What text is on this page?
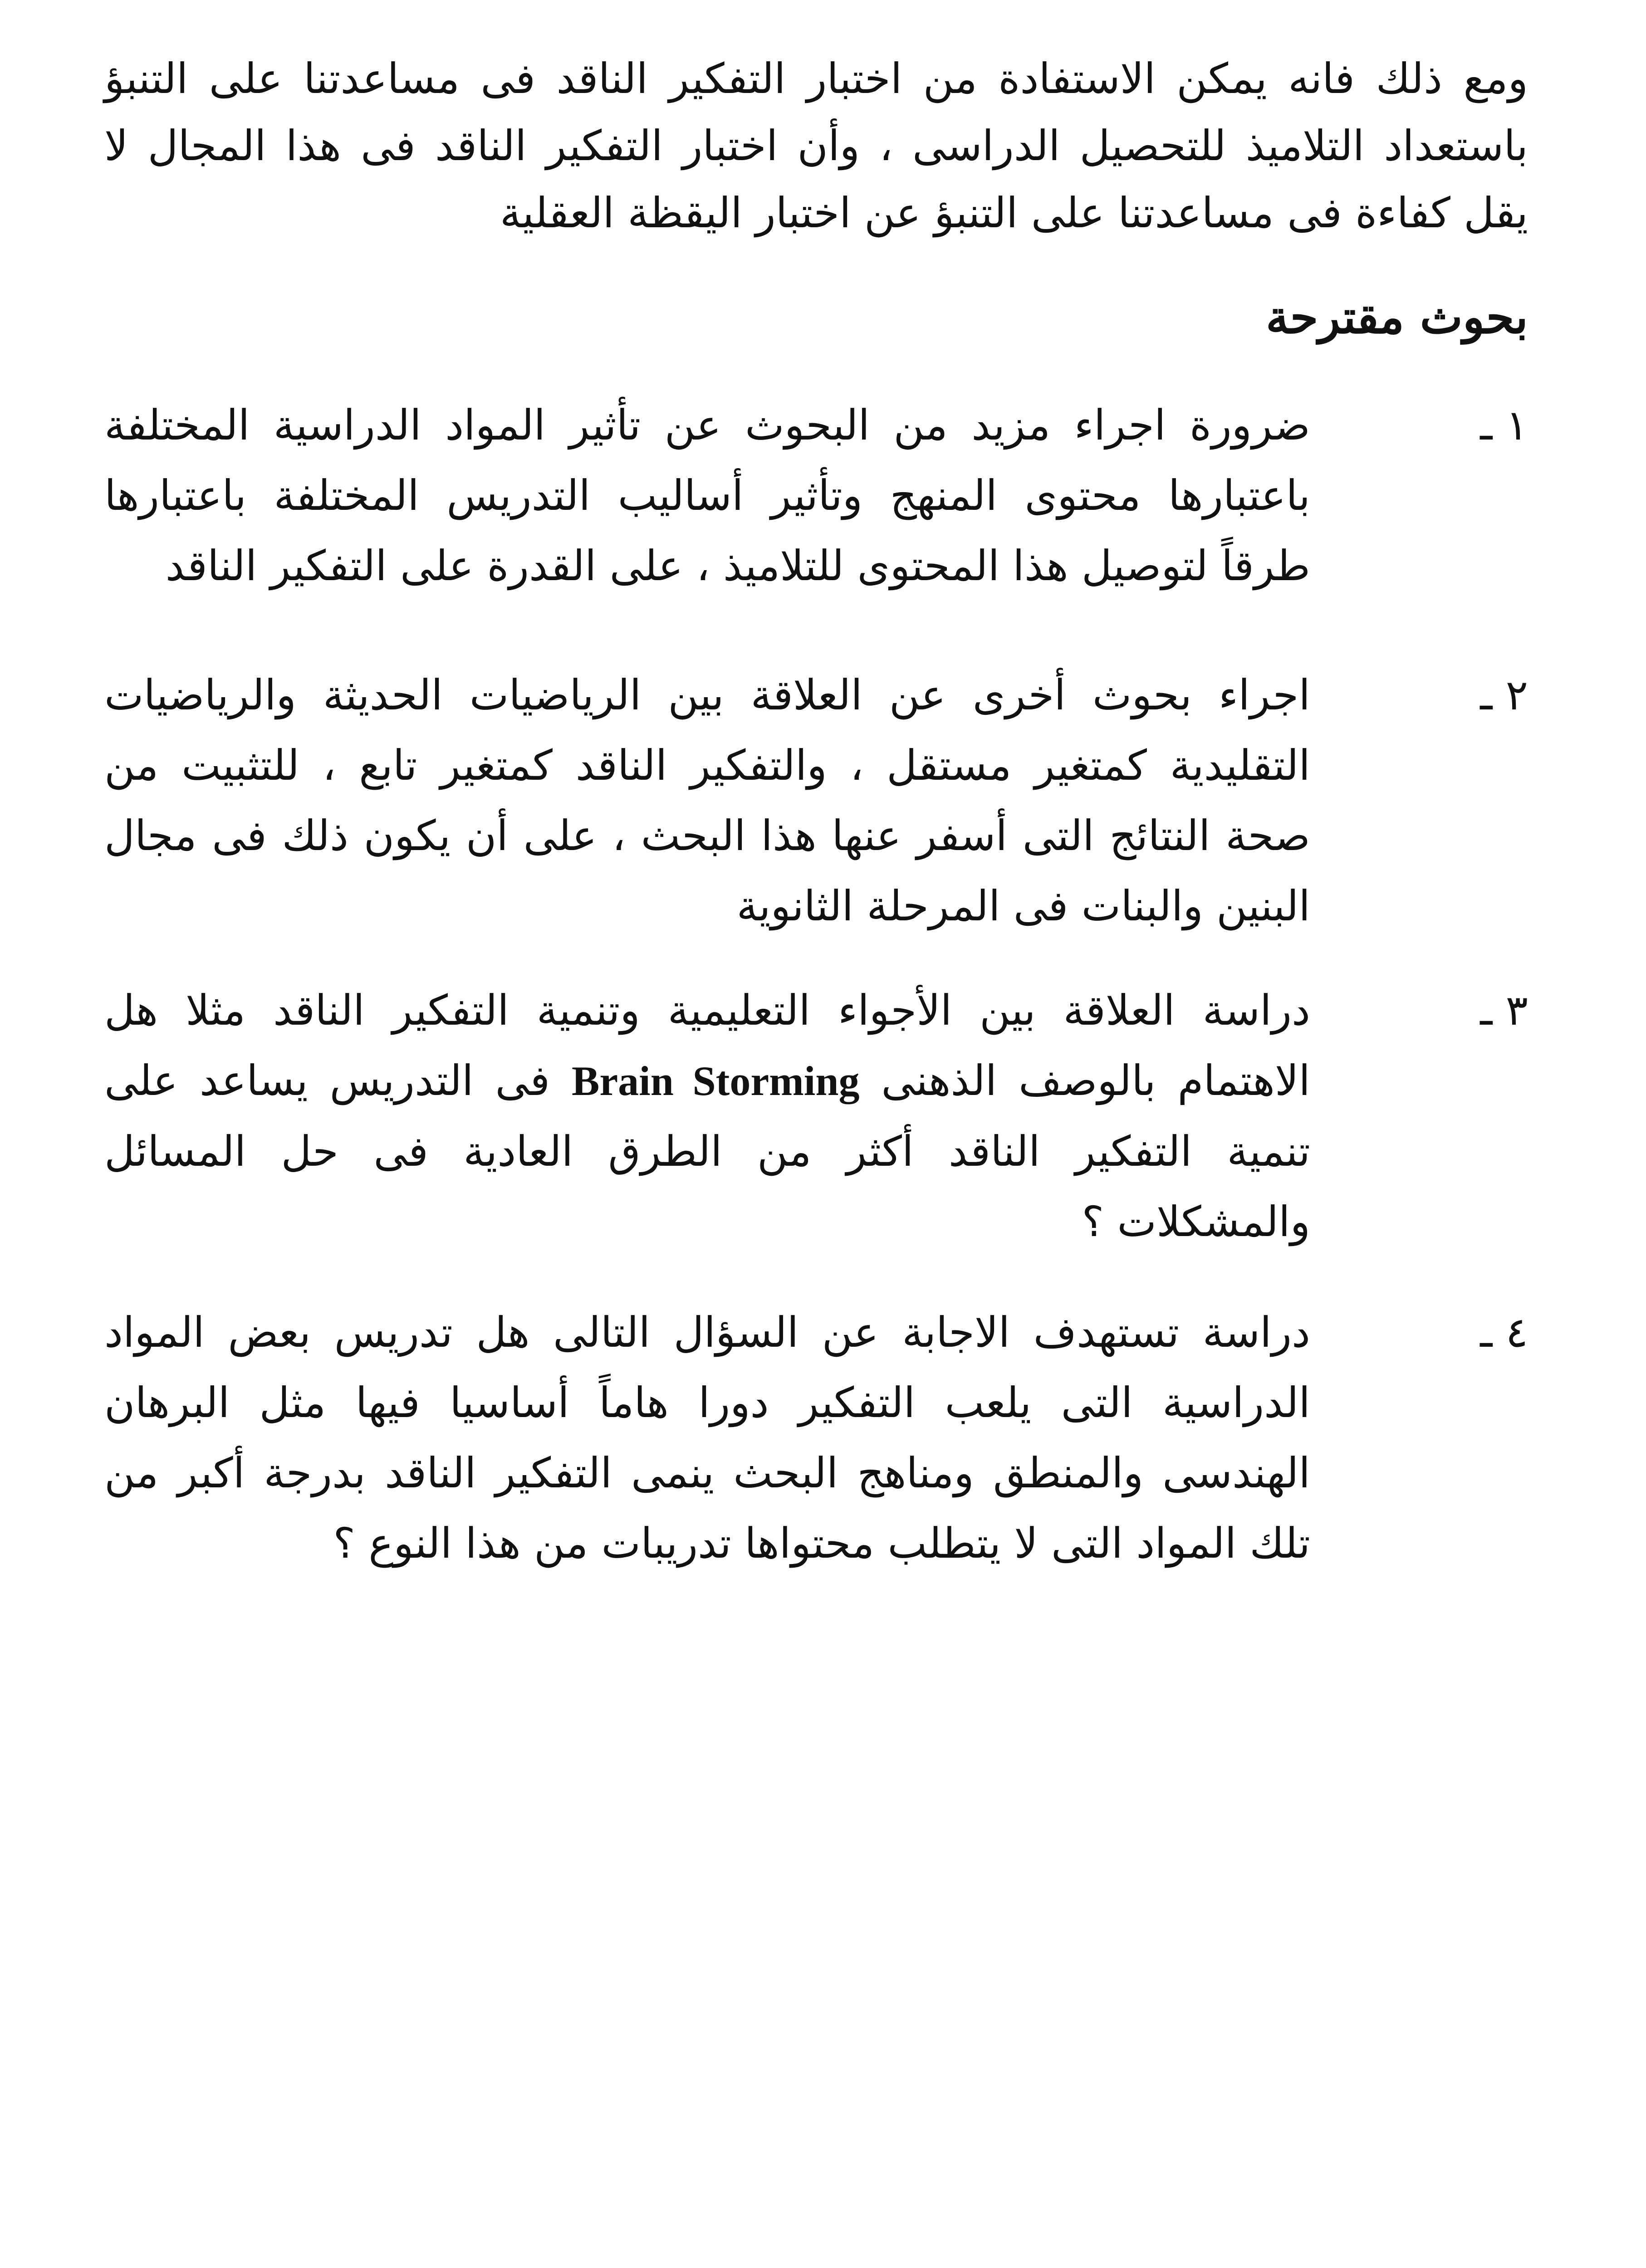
ومع ذلك فانه يمكن الاستفادة من اختبار التفكير الناقد فى مساعدتنا على التنبؤ باستعداد التلاميذ للتحصيل الدراسى ، وأن اختبار التفكير الناقد فى هذا المجال لا يقل كفاءة فى مساعدتنا على التنبؤ عن اختبار اليقظة العقلية

بحوث مقترحة
١ ـ
ضرورة اجراء مزيد من البحوث عن تأثير المواد الدراسية المختلفة باعتبارها محتوى المنهج وتأثير أساليب التدريس المختلفة باعتبارها طرقاً لتوصيل هذا المحتوى للتلاميذ ، على القدرة على التفكير الناقد
٢ ـ
اجراء بحوث أخرى عن العلاقة بين الرياضيات الحديثة والرياضيات التقليدية كمتغير مستقل ، والتفكير الناقد كمتغير تابع ، للتثبيت من صحة النتائج التى أسفر عنها هذا البحث ، على أن يكون ذلك فى مجال البنين والبنات فى المرحلة الثانوية
٣ ـ
دراسة العلاقة بين الأجواء التعليمية وتنمية التفكير الناقد مثلا هل الاهتمام بالوصف الذهنى Brain Storming فى التدريس يساعد على تنمية التفكير الناقد أكثر من الطرق العادية فى حل المسائل والمشكلات ؟
٤ ـ
دراسة تستهدف الاجابة عن السؤال التالى هل تدريس بعض المواد الدراسية التى يلعب التفكير دورا هاماً أساسيا فيها مثل البرهان الهندسى والمنطق ومناهج البحث ينمى التفكير الناقد بدرجة أكبر من تلك المواد التى لا يتطلب محتواها تدريبات من هذا النوع ؟
